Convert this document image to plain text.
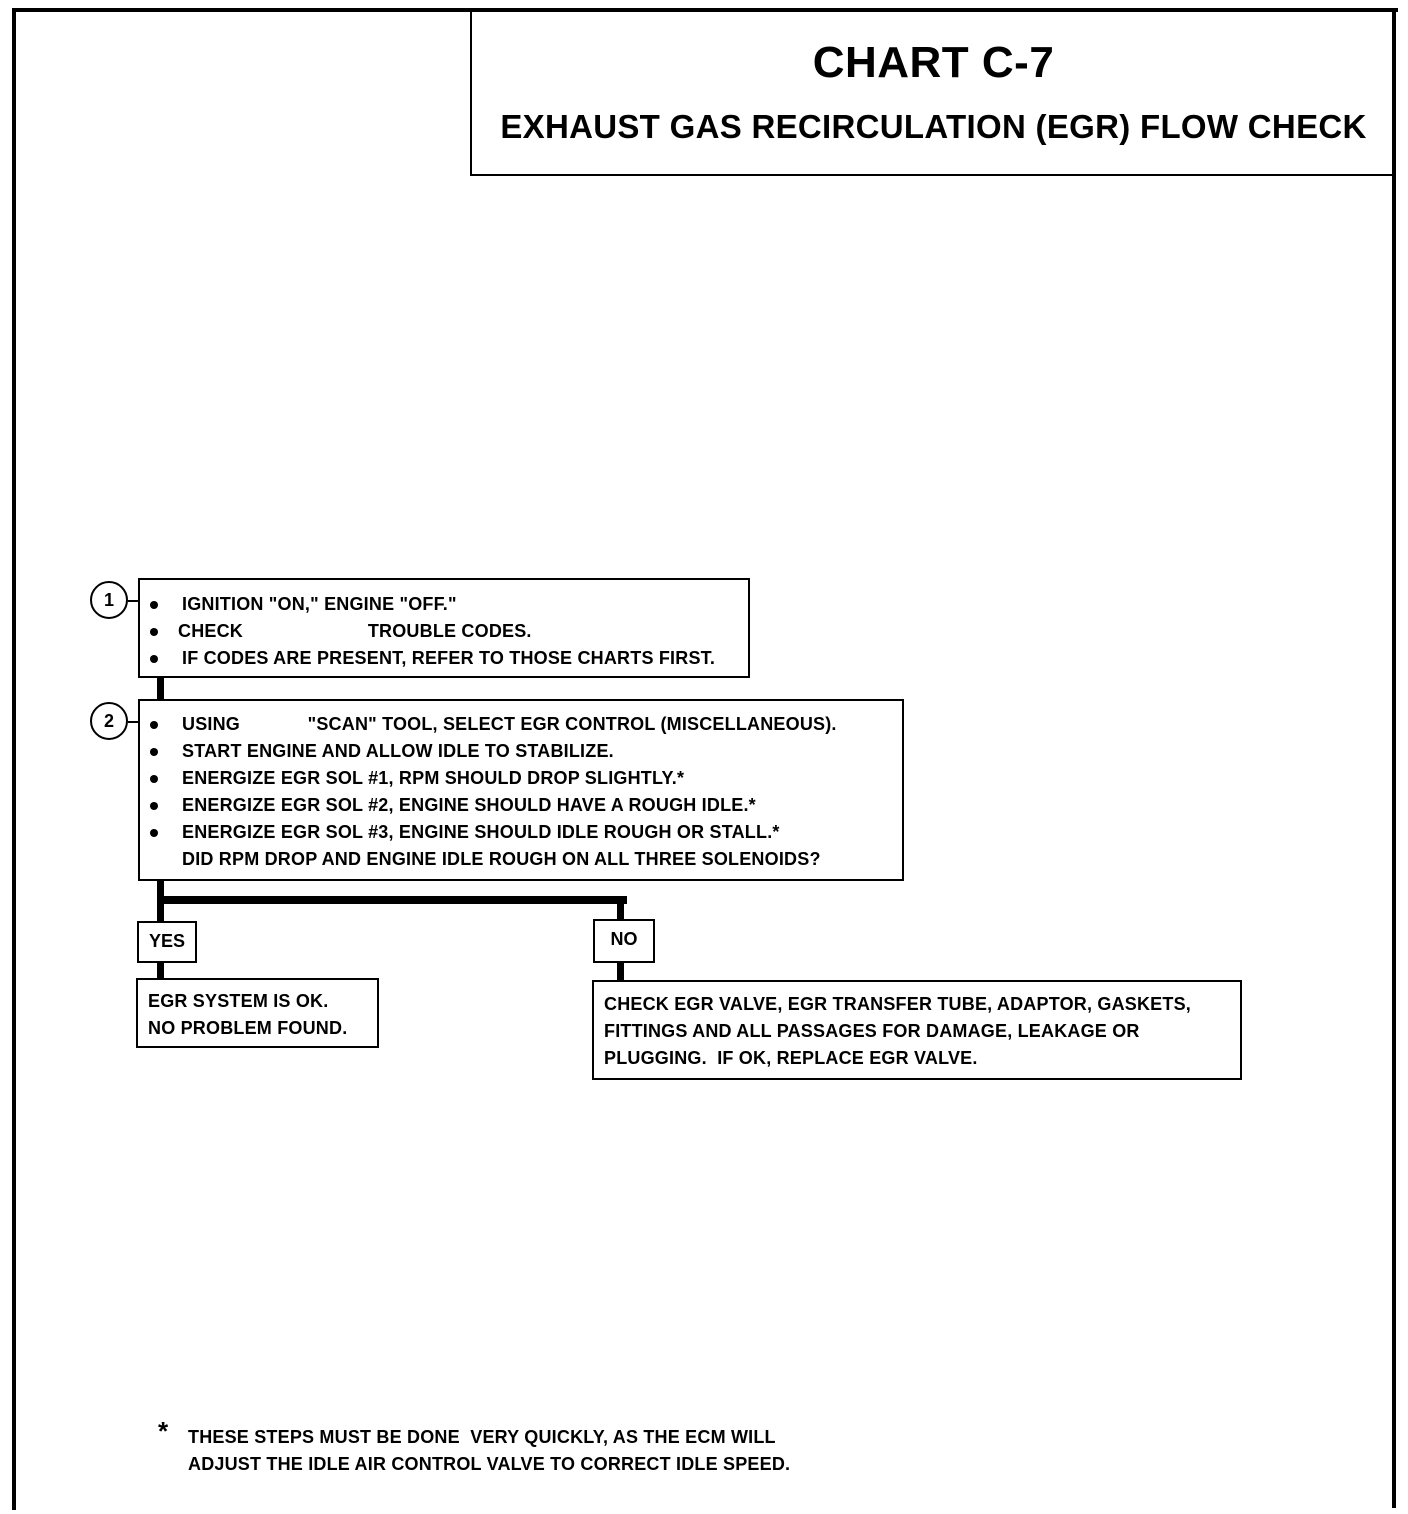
CHART C-7
EXHAUST GAS RECIRCULATION (EGR) FLOW CHECK
1	IGNITION "ON," ENGINE "OFF."
CHECK                        TROUBLE CODES.
IF CODES ARE PRESENT, REFER TO THOSE CHARTS FIRST.
2	USING             "SCAN" TOOL, SELECT EGR CONTROL (MISCELLANEOUS).
START ENGINE AND ALLOW IDLE TO STABILIZE.
ENERGIZE EGR SOL #1, RPM SHOULD DROP SLIGHTLY.*
ENERGIZE EGR SOL #2, ENGINE SHOULD HAVE A ROUGH IDLE.*
ENERGIZE EGR SOL #3, ENGINE SHOULD IDLE ROUGH OR STALL.*
DID RPM DROP AND ENGINE IDLE ROUGH ON ALL THREE SOLENOIDS?
YES	NO
EGR SYSTEM IS OK.
NO PROBLEM FOUND.
CHECK EGR VALVE, EGR TRANSFER TUBE, ADAPTOR, GASKETS,
FITTINGS AND ALL PASSAGES FOR DAMAGE, LEAKAGE OR
PLUGGING.  IF OK, REPLACE EGR VALVE.
* THESE STEPS MUST BE DONE  VERY QUICKLY, AS THE ECM WILL
ADJUST THE IDLE AIR CONTROL VALVE TO CORRECT IDLE SPEED.
